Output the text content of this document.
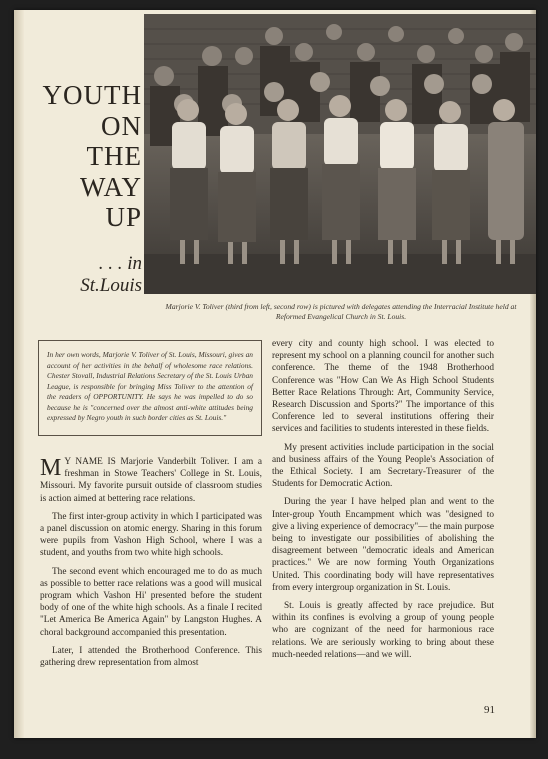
YOUTH
ON
THE
WAY
UP
. . . in
St.Louis
Marjorie V. Toliver (third from left, second row) is pictured with delegates attending the Interracial Institute held at Reformed Evangelical Church in St. Louis.

In her own words, Marjorie V. Toliver of St. Louis, Missouri, gives an account of her activities in the behalf of wholesome race relations. Chester Stovall, Industrial Relations Secretary of the St. Louis Urban League, is responsible for bringing Miss Toliver to the attention of the readers of OPPORTUNITY. He says he was impelled to do so because he is "concerned over the almost anti-white attitudes being expressed by Negro youth in such border cities as St. Louis."

M Y NAME IS Marjorie Vanderbilt Toliver. I am a freshman in Stowe Teachers' College in St. Louis, Missouri. My favorite pursuit outside of classroom studies is action aimed at bettering race relations.

The first inter-group activity in which I participated was a panel discussion on atomic energy. Sharing in this forum were pupils from Vashon High School, where I was a student, and youths from two white high schools.

The second event which encouraged me to do as much as possible to better race relations was a good will musical program which Vashon Hi' presented before the student body of one of the white high schools. As a finale I recited "Let America Be America Again" by Langston Hughes. A choral background accompanied this presentation.

Later, I attended the Brotherhood Conference. This gathering drew representation from almost

every city and county high school. I was elected to represent my school on a planning council for another such conference. The theme of the 1948 Brotherhood Conference was "How Can We As High School Students Better Race Relations Through: Art, Community Service, Research Discussion and Sports?" The importance of this Conference led to several institutions offering their services and facilities to students interested in these fields.

My present activities include participation in the social and business affairs of the Young People's Association of the Ethical Society. I am Secretary-Treasurer of the Students for Democratic Action.

During the year I have helped plan and went to the Inter-group Youth Encampment which was "designed to give a living experience of democracy"— the main purpose being to investigate our possibilities of abolishing the disagreement between "democratic ideals and American practices." We are now forming Youth Organizations United. This coordinating body will have representatives from every intergroup organization in St. Louis.

St. Louis is greatly affected by race prejudice. But within its confines is evolving a group of young people who are cognizant of the need for harmonious race relations. We are seriously working to bring about these much-needed relations—and we will.

91
